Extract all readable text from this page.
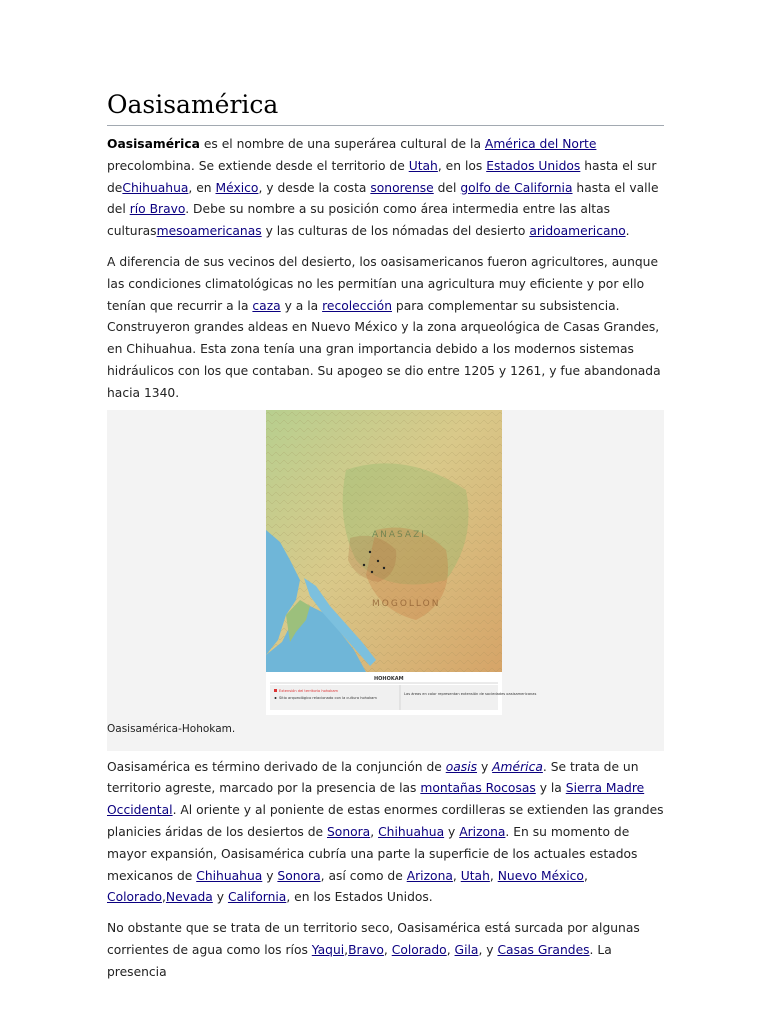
Oasisamérica

Oasisamérica es el nombre de una superárea cultural de la América del Norte precolombina. Se extiende desde el territorio de Utah, en los Estados Unidos hasta el sur deChihuahua, en México, y desde la costa sonorense del golfo de California hasta el valle del río Bravo. Debe su nombre a su posición como área intermedia entre las altas culturasmesoamericanas y las culturas de los nómadas del desierto aridoamericano.

A diferencia de sus vecinos del desierto, los oasisamericanos fueron agricultores, aunque las condiciones climatológicas no les permitían una agricultura muy eficiente y por ello tenían que recurrir a la caza y a la recolección para complementar su subsistencia. Construyeron grandes aldeas en Nuevo México y la zona arqueológica de Casas Grandes, en Chihuahua. Esta zona tenía una gran importancia debido a los modernos sistemas hidráulicos con los que contaban. Su apogeo se dio entre 1205 y 1261, y fue abandonada hacia 1340.

ANASAZI
MOGOLLON
HOHOKAM
Extensión del territorio hohokam
Sitio arqueológico relacionado con la cultura hohokam
Las áreas en color representan extensión de sociedades oasisamericanas
Oasisamérica-Hohokam.

Oasisamérica es término derivado de la conjunción de oasis y América. Se trata de un territorio agreste, marcado por la presencia de las montañas Rocosas y la Sierra Madre Occidental. Al oriente y al poniente de estas enormes cordilleras se extienden las grandes planicies áridas de los desiertos de Sonora, Chihuahua y Arizona. En su momento de mayor expansión, Oasisamérica cubría una parte la superficie de los actuales estados mexicanos de Chihuahua y Sonora, así como de Arizona, Utah, Nuevo México, Colorado,Nevada y California, en los Estados Unidos.

No obstante que se trata de un territorio seco, Oasisamérica está surcada por algunas corrientes de agua como los ríos Yaqui,Bravo, Colorado, Gila, y Casas Grandes. La presencia
